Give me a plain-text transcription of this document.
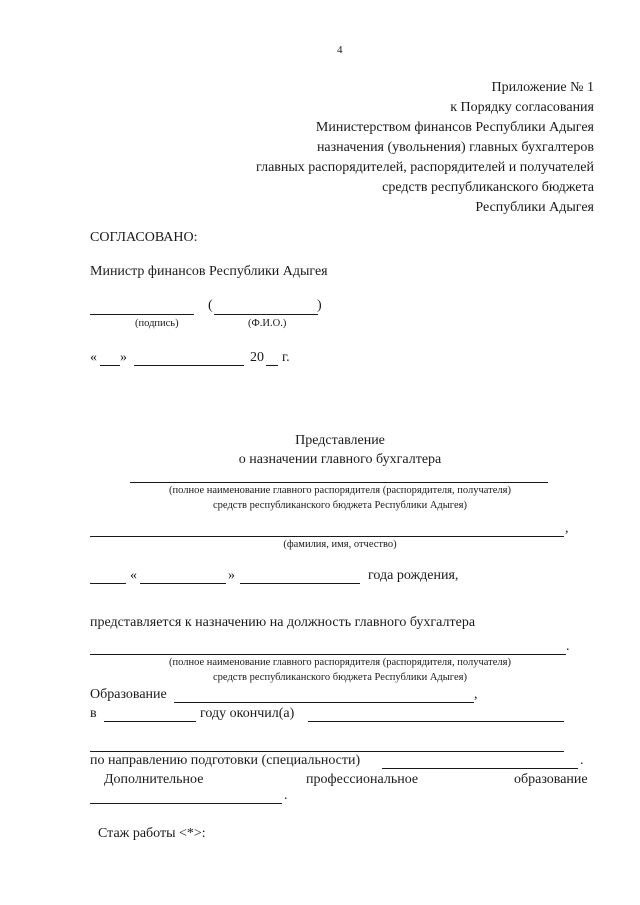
4
Приложение № 1
к Порядку согласования
Министерством финансов Республики Адыгея
назначения (увольнения) главных бухгалтеров
главных распорядителей, распорядителей и получателей
средств республиканского бюджета
Республики Адыгея
СОГЛАСОВАНО:
Министр финансов Республики Адыгея
(	)
(подпись)	(Ф.И.О.)
« »	20 г.
Представление
о назначении главного бухгалтера
(полное наименование главного распорядителя (распорядителя, получателя)
средств республиканского бюджета Республики Адыгея)
,
(фамилия, имя, отчество)
«	»	года рождения,
представляется к назначению на должность главного бухгалтера
.
(полное наименование главного распорядителя (распорядителя, получателя)
средств республиканского бюджета Республики Адыгея)
Образование	,
в	году окончил(а)
по направлению подготовки (специальности)	.
Дополнительное	профессиональное	образование
.
Стаж работы <*>:
